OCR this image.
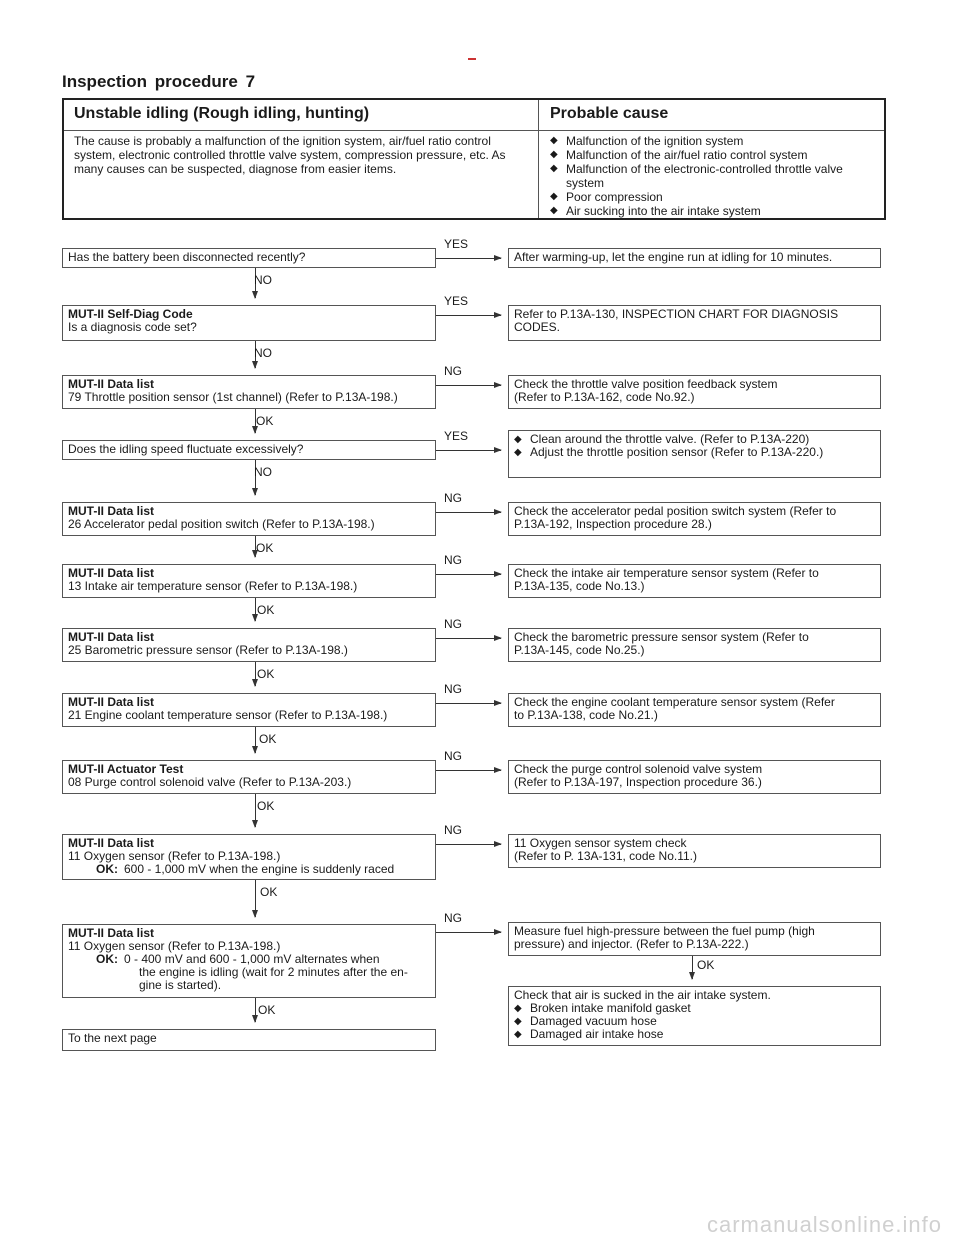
Inspection procedure 7
Unstable idling (Rough idling, hunting)	Probable cause
The cause is probably a malfunction of the ignition system, air/fuel ratio control system, electronic controlled throttle valve system, compression pressure, etc. As many causes can be suspected, diagnose from easier items.
◆ Malfunction of the ignition system
◆ Malfunction of the air/fuel ratio control system
◆ Malfunction of the electronic-controlled throttle valve system
◆ Poor compression
◆ Air sucking into the air intake system
Has the battery been disconnected recently?
MUT-II Self-Diag Code
Is a diagnosis code set?
MUT-II Data list
79 Throttle position sensor (1st channel) (Refer to P.13A-198.)
Does the idling speed fluctuate excessively?
MUT-II Data list
26 Accelerator pedal position switch (Refer to P.13A-198.)
MUT-II Data list
13 Intake air temperature sensor (Refer to P.13A-198.)
MUT-II Data list
25 Barometric pressure sensor (Refer to P.13A-198.)
MUT-II Data list
21 Engine coolant temperature sensor (Refer to P.13A-198.)
MUT-II Actuator Test
08 Purge control solenoid valve (Refer to P.13A-203.)
MUT-II Data list
11 Oxygen sensor (Refer to P.13A-198.)
OK: 600 - 1,000 mV when the engine is suddenly raced
MUT-II Data list
11 Oxygen sensor (Refer to P.13A-198.)
OK: 0 - 400 mV and 600 - 1,000 mV alternates when
the engine is idling (wait for 2 minutes after the en-
gine is started).
To the next page
After warming-up, let the engine run at idling for 10 minutes.
Refer to P.13A-130, INSPECTION CHART FOR DIAGNOSIS
CODES.
Check the throttle valve position feedback system
(Refer to P.13A-162, code No.92.)
◆ Clean around the throttle valve. (Refer to P.13A-220)
◆ Adjust the throttle position sensor (Refer to P.13A-220.)
Check the accelerator pedal position switch system (Refer to
P.13A-192, Inspection procedure 28.)
Check the intake air temperature sensor system (Refer to
P.13A-135, code No.13.)
Check the barometric pressure sensor system (Refer to
P.13A-145, code No.25.)
Check the engine coolant temperature sensor system (Refer
to P.13A-138, code No.21.)
Check the purge control solenoid valve system
(Refer to P.13A-197, Inspection procedure 36.)
11 Oxygen sensor system check
(Refer to P. 13A-131, code No.11.)
Measure fuel high-pressure between the fuel pump (high
pressure) and injector. (Refer to P.13A-222.)
Check that air is sucked in the air intake system.
◆ Broken intake manifold gasket
◆ Damaged vacuum hose
◆ Damaged air intake hose
NO
NO
OK
NO
OK
OK
OK
OK
OK
OK
OK
YES
YES
NG
YES
NG
NG
NG
NG
NG
NG
NG
OK
carmanualsonline.info
